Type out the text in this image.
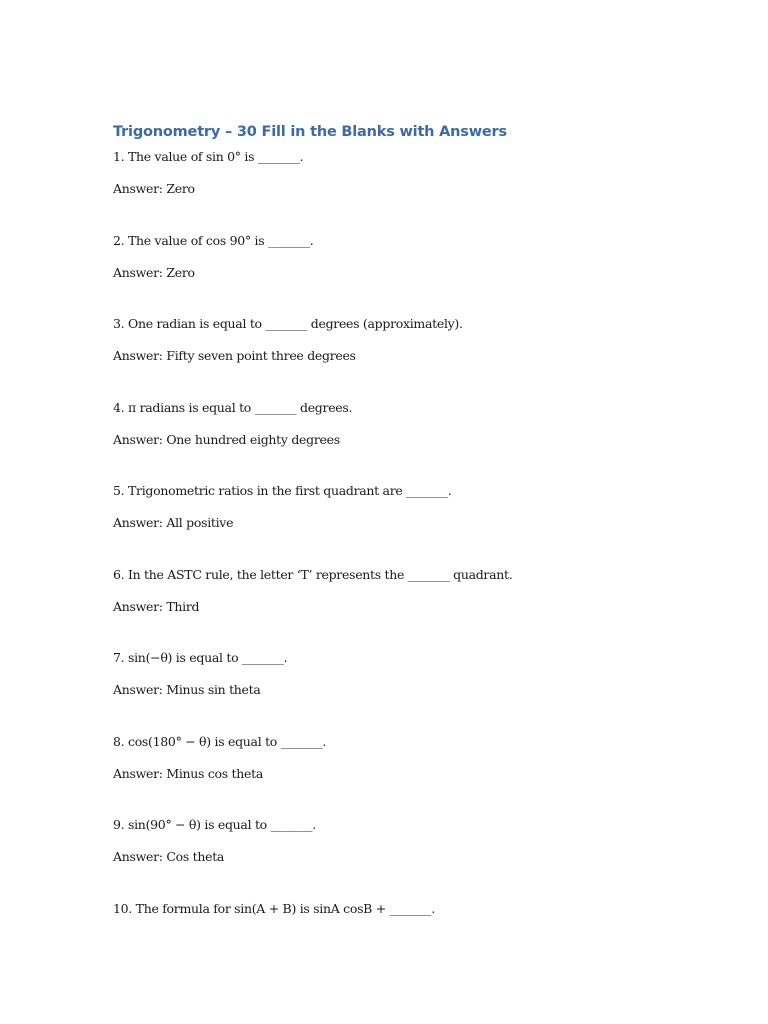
Trigonometry – 30 Fill in the Blanks with Answers

1. The value of sin 0° is _______.

Answer: Zero

2. The value of cos 90° is _______.

Answer: Zero

3. One radian is equal to _______ degrees (approximately).

Answer: Fifty seven point three degrees

4. π radians is equal to _______ degrees.

Answer: One hundred eighty degrees

5. Trigonometric ratios in the first quadrant are _______.

Answer: All positive

6. In the ASTC rule, the letter ‘T’ represents the _______ quadrant.

Answer: Third

7. sin(−θ) is equal to _______.

Answer: Minus sin theta

8. cos(180° − θ) is equal to _______.

Answer: Minus cos theta

9. sin(90° − θ) is equal to _______.

Answer: Cos theta

10. The formula for sin(A + B) is sinA cosB + _______.
